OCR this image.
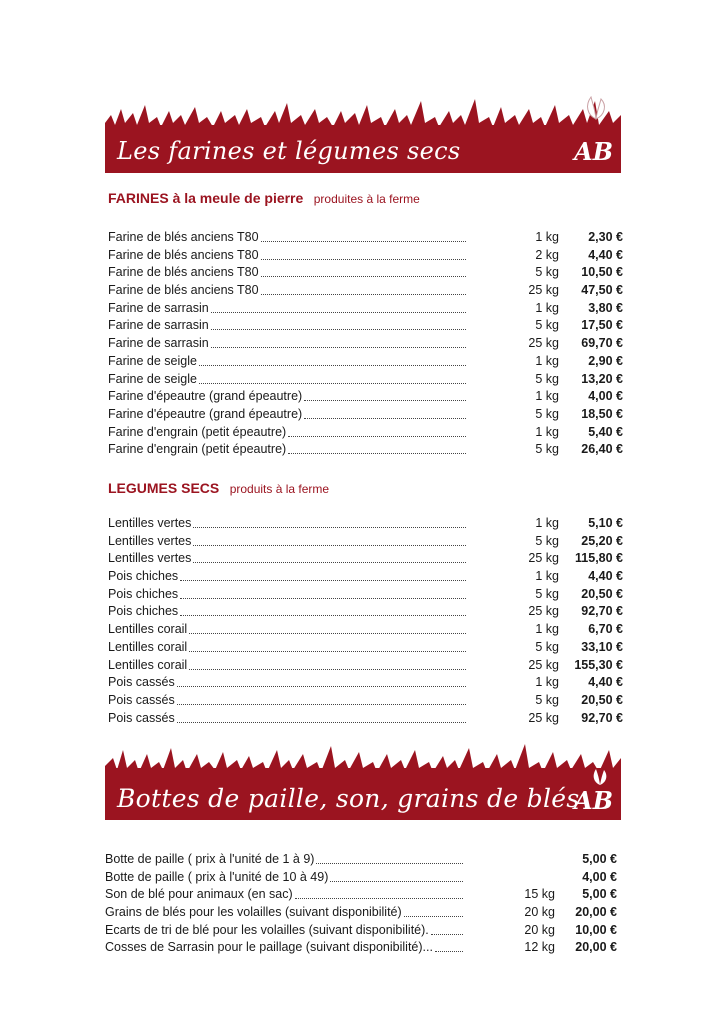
Les farines et légumes secs	AB
FARINES à la meule de pierre produites à la ferme
Farine de blés anciens T80	1 kg 2,30 €
Farine de blés anciens T80	2 kg 4,40 €
Farine de blés anciens T80	5 kg 10,50 €
Farine de blés anciens T80	25 kg 47,50 €
Farine de sarrasin	1 kg 3,80 €
Farine de sarrasin	5 kg 17,50 €
Farine de sarrasin	25 kg 69,70 €
Farine de seigle	1 kg 2,90 €
Farine de seigle	5 kg 13,20 €
Farine d'épeautre (grand épeautre)	1 kg 4,00 €
Farine d'épeautre (grand épeautre)	5 kg 18,50 €
Farine d'engrain (petit épeautre)	1 kg 5,40 €
Farine d'engrain (petit épeautre)	5 kg 26,40 €
LEGUMES SECS produits à la ferme
Lentilles vertes	1 kg 5,10 €
Lentilles vertes	5 kg 25,20 €
Lentilles vertes	25 kg 115,80 €
Pois chiches	1 kg 4,40 €
Pois chiches	5 kg 20,50 €
Pois chiches	25 kg 92,70 €
Lentilles corail	1 kg 6,70 €
Lentilles corail	5 kg 33,10 €
Lentilles corail	25 kg 155,30 €
Pois cassés	1 kg 4,40 €
Pois cassés	5 kg 20,50 €
Pois cassés	25 kg 92,70 €
Bottes de paille, son, grains de blés
AB
Botte de paille ( prix à l'unité de 1 à 9)	5,00 €
Botte de paille ( prix à l'unité de 10 à 49)	4,00 €
Son de blé pour animaux (en sac)	15 kg 5,00 €
Grains de blés pour les volailles (suivant disponibilité)	20 kg 20,00 €
Ecarts de tri de blé pour les volailles (suivant disponibilité).	20 kg 10,00 €
Cosses de Sarrasin pour le paillage (suivant disponibilité)...	12 kg 20,00 €
